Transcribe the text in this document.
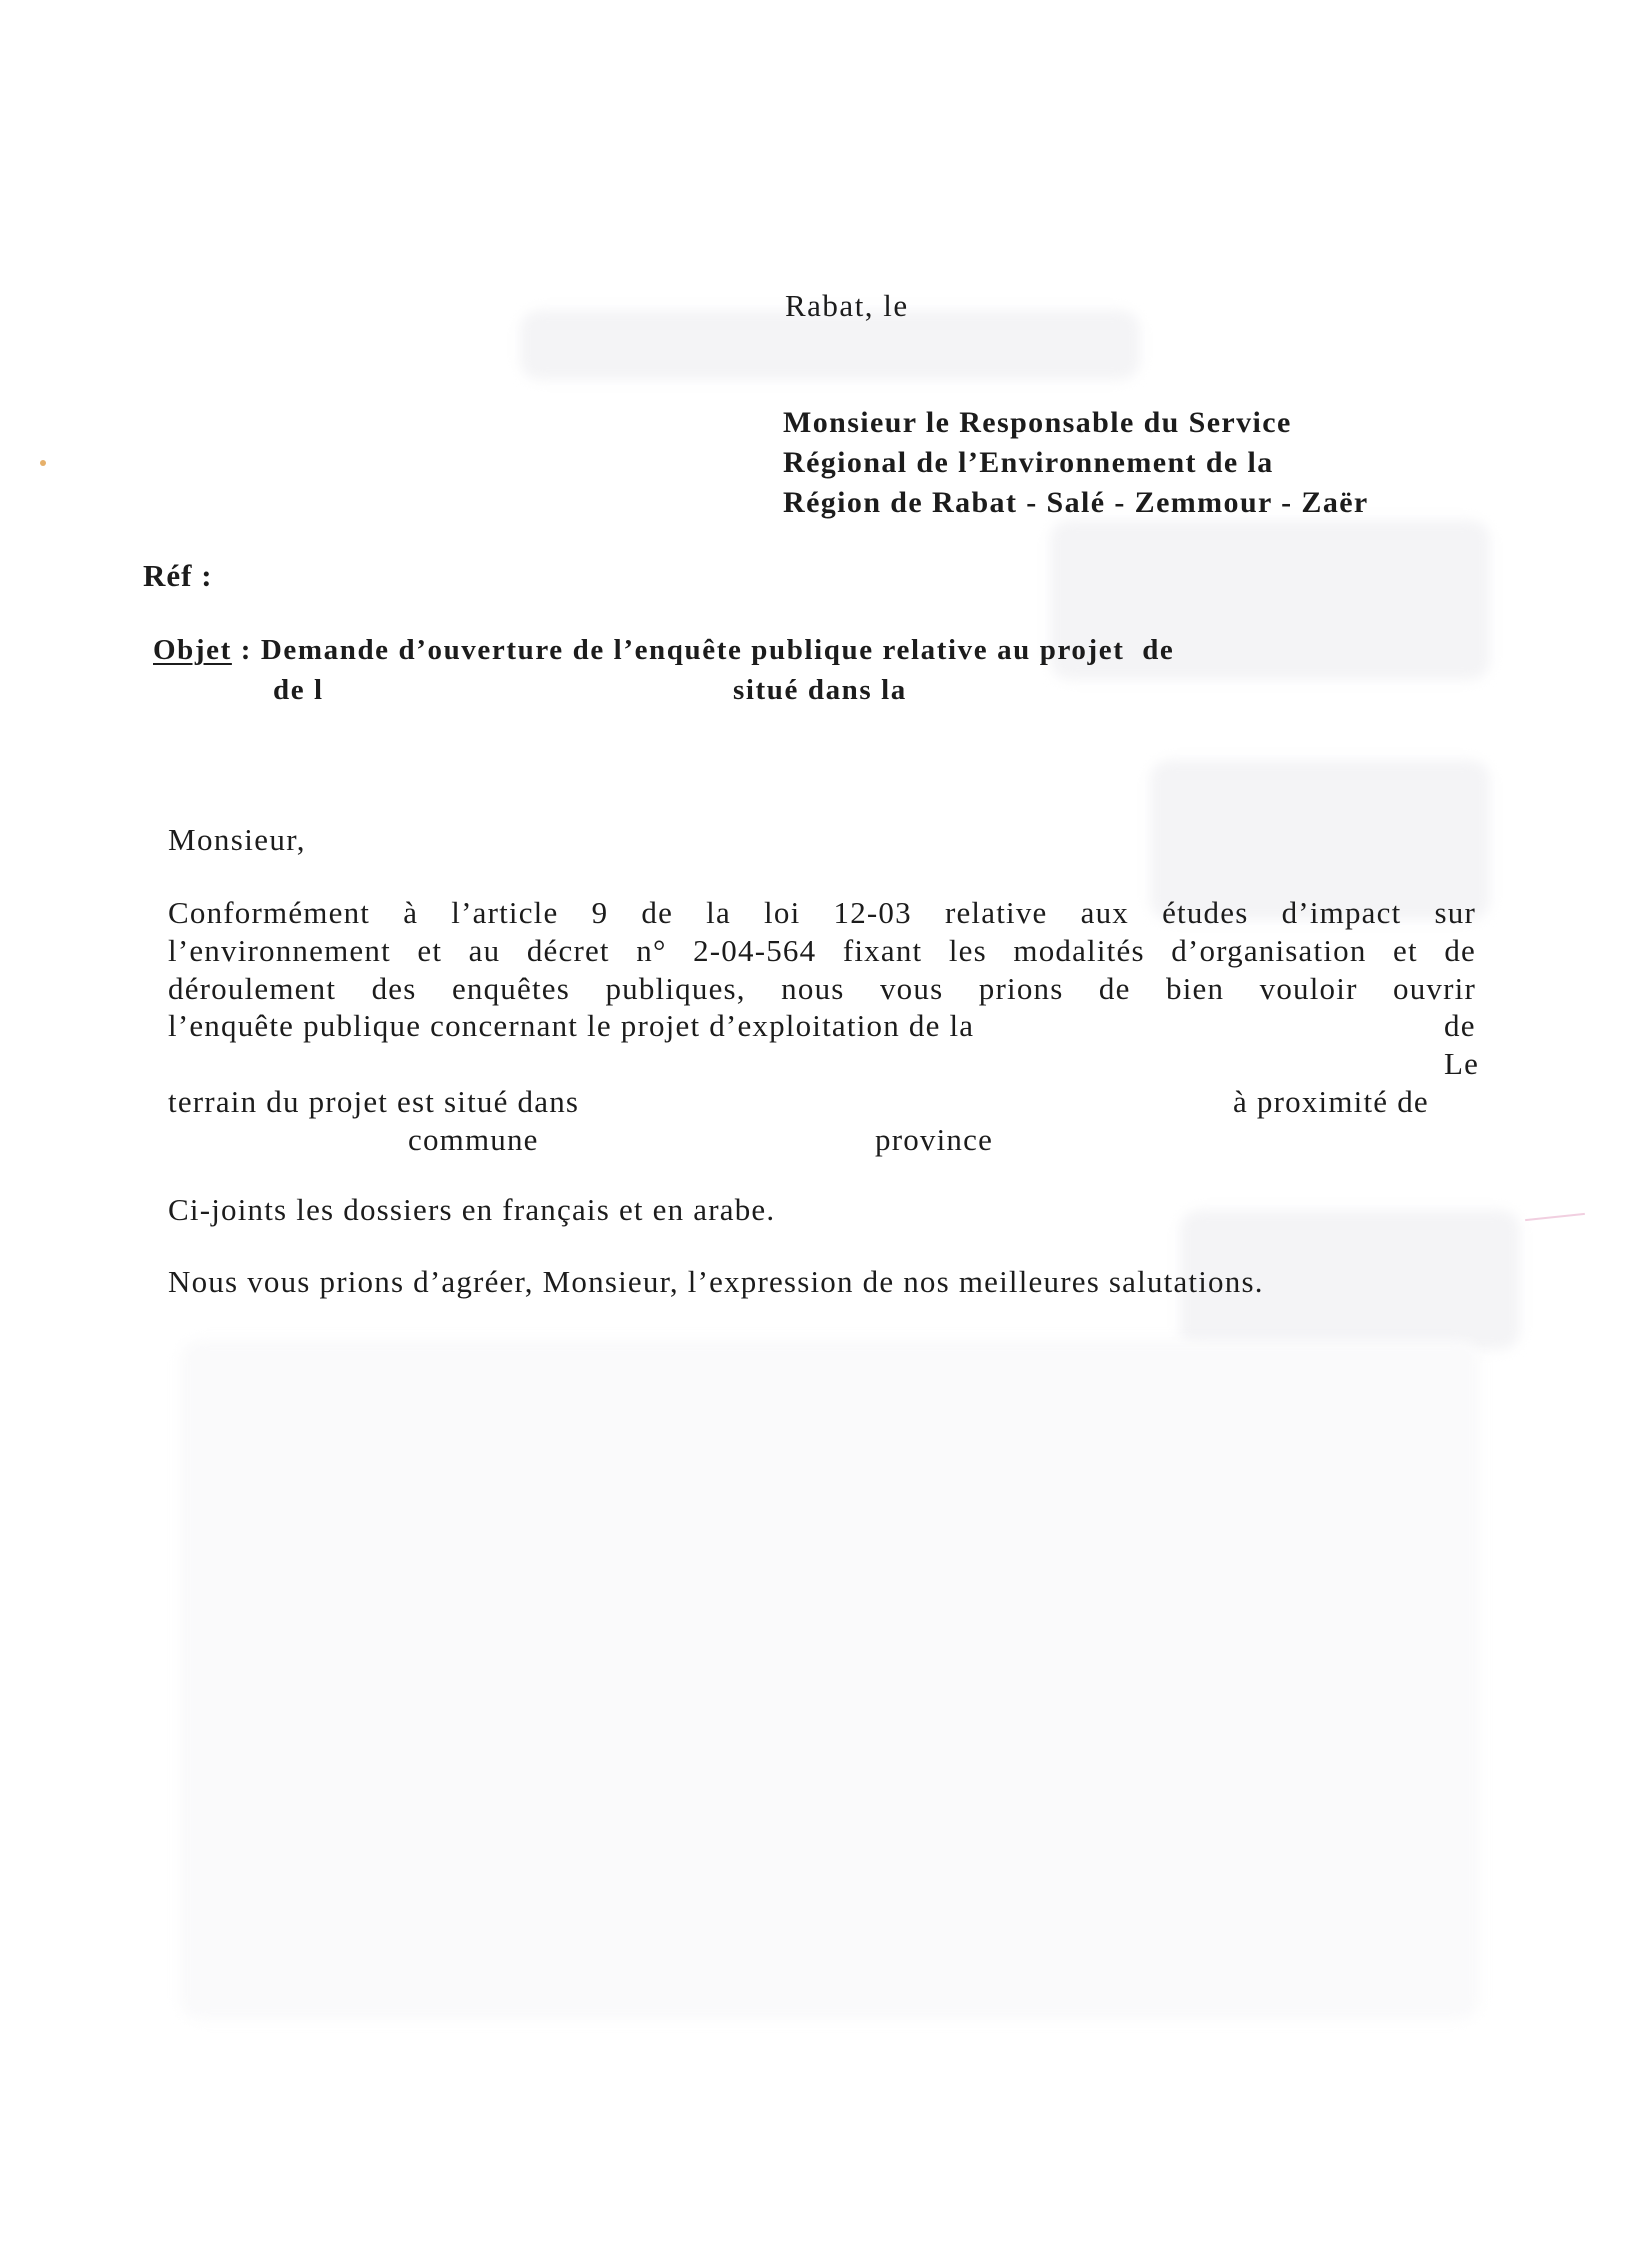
Rabat, le
Monsieur le Responsable du Service
Régional de l’Environnement de la
Région de Rabat - Salé - Zemmour - Zaër
Réf :
Objet : Demande d’ouverture de l’enquête publique relative au projet  de
de l	situé dans la
Monsieur,
Conformément à l’article 9 de la loi 12-03 relative aux études d’impact sur
l’environnement et au décret n° 2-04-564 fixant les modalités d’organisation et de
déroulement des enquêtes publiques, nous vous prions de bien vouloir ouvrir
l’enquête publique concernant le projet d’exploitation de la	de
Le
terrain du projet est situé dans	à proximité de
commune	province
Ci-joints les dossiers en français et en arabe.
Nous vous prions d’agréer, Monsieur, l’expression de nos meilleures salutations.
